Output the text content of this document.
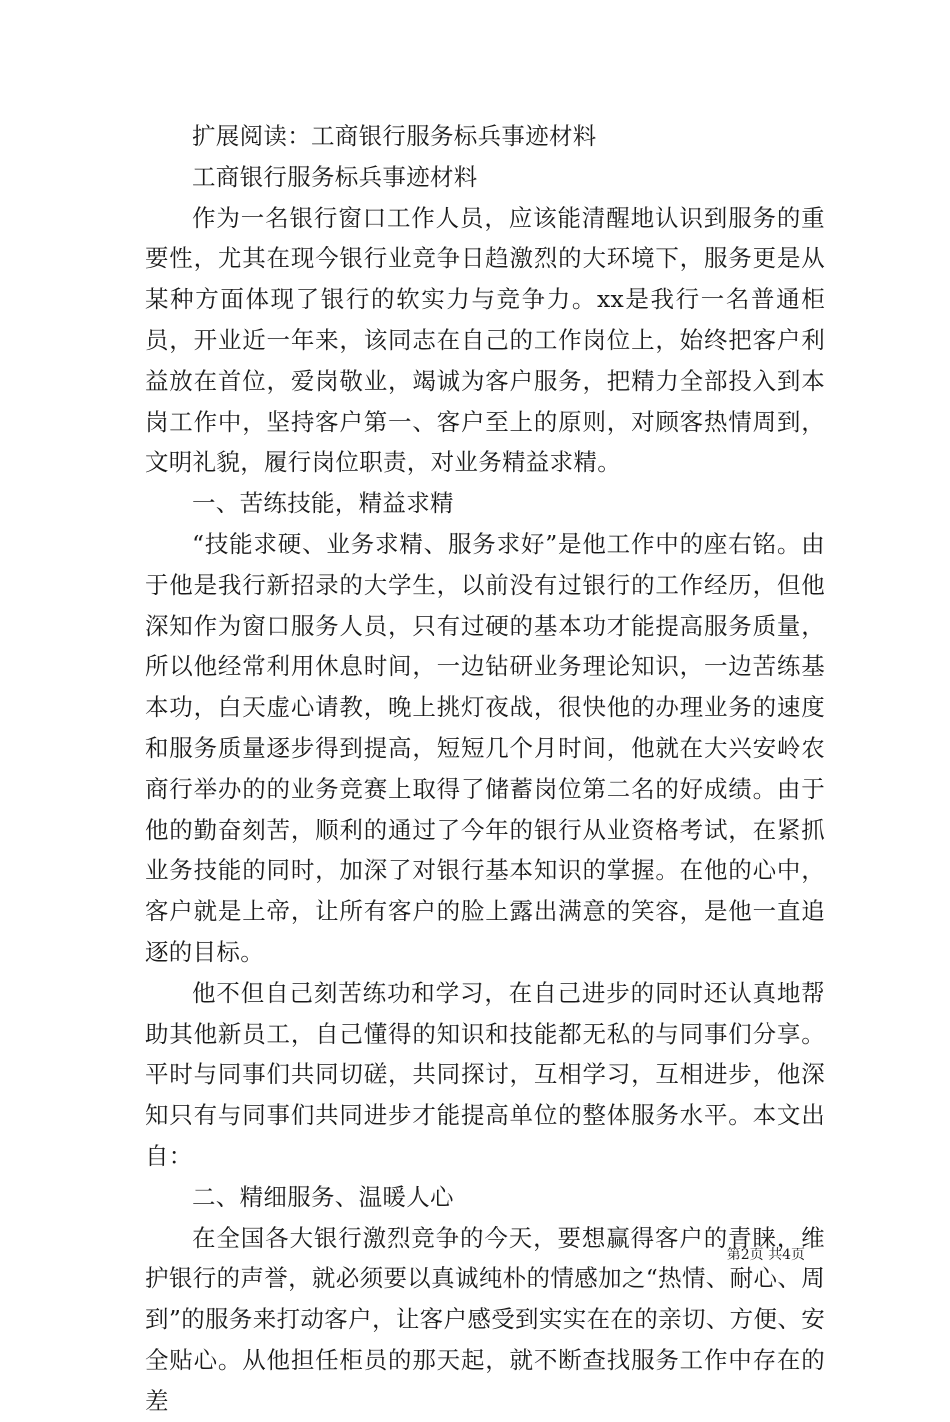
扩展阅读：工商银行服务标兵事迹材料

工商银行服务标兵事迹材料

作为一名银行窗口工作人员，应该能清醒地认识到服务的重要性，尤其在现今银行业竞争日趋激烈的大环境下，服务更是从某种方面体现了银行的软实力与竞争力。xx是我行一名普通柜员，开业近一年来，该同志在自己的工作岗位上，始终把客户利益放在首位，爱岗敬业，竭诚为客户服务，把精力全部投入到本岗工作中，坚持客户第一、客户至上的原则，对顾客热情周到，文明礼貌，履行岗位职责，对业务精益求精。

一、苦练技能，精益求精

“技能求硬、业务求精、服务求好”是他工作中的座右铭。由于他是我行新招录的大学生，以前没有过银行的工作经历，但他深知作为窗口服务人员，只有过硬的基本功才能提高服务质量，所以他经常利用休息时间，一边钻研业务理论知识，一边苦练基本功，白天虚心请教，晚上挑灯夜战，很快他的办理业务的速度和服务质量逐步得到提高，短短几个月时间，他就在大兴安岭农商行举办的的业务竞赛上取得了储蓄岗位第二名的好成绩。由于他的勤奋刻苦，顺利的通过了今年的银行从业资格考试，在紧抓业务技能的同时，加深了对银行基本知识的掌握。在他的心中，客户就是上帝，让所有客户的脸上露出满意的笑容，是他一直追逐的目标。

他不但自己刻苦练功和学习，在自己进步的同时还认真地帮助其他新员工，自己懂得的知识和技能都无私的与同事们分享。平时与同事们共同切磋，共同探讨，互相学习，互相进步，他深知只有与同事们共同进步才能提高单位的整体服务水平。本文出自：

二、精细服务、温暖人心

在全国各大银行激烈竞争的今天，要想赢得客户的青睐，维护银行的声誉，就必须要以真诚纯朴的情感加之“热情、耐心、周到”的服务来打动客户，让客户感受到实实在在的亲切、方便、安全贴心。从他担任柜员的那天起，就不断查找服务工作中存在的差

第2页 共4页
